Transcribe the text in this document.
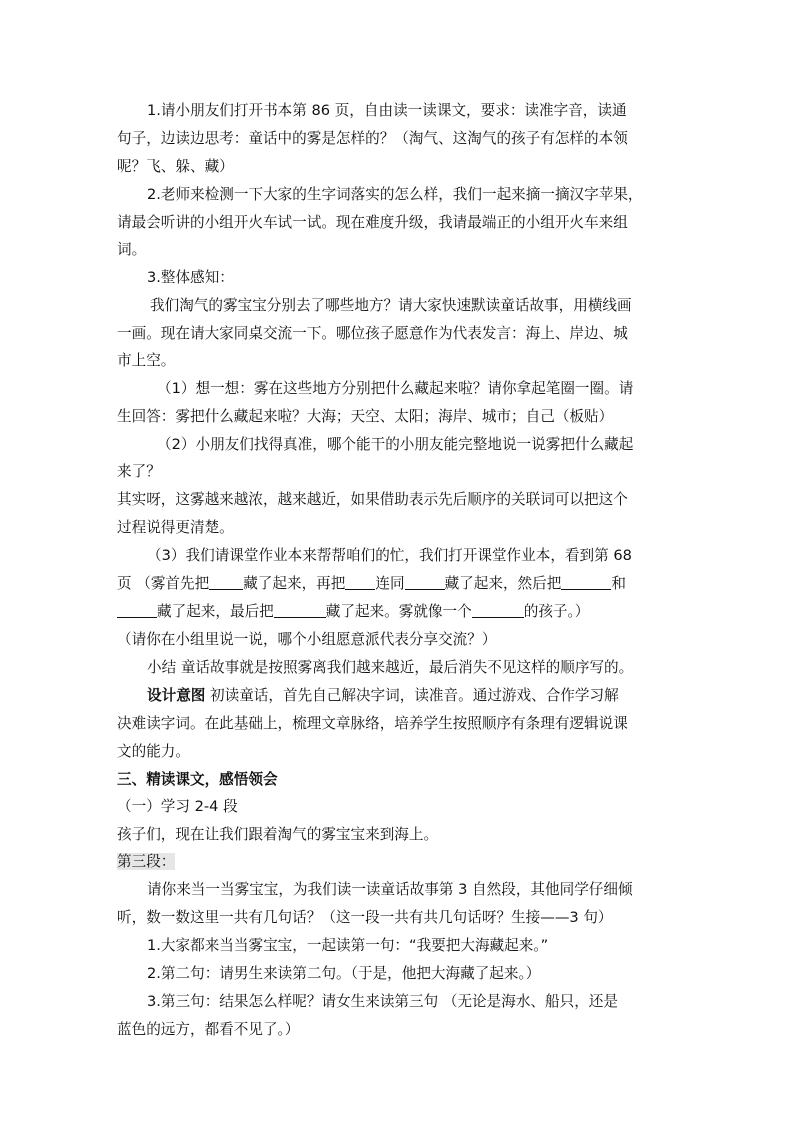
1.请小朋友们打开书本第 86 页，自由读一读课文，要求：读准字音，读通

句子，边读边思考：童话中的雾是怎样的？（淘气、这淘气的孩子有怎样的本领

呢？飞、躲、藏）

2.老师来检测一下大家的生字词落实的怎么样，我们一起来摘一摘汉字苹果，

请最会听讲的小组开火车试一试。现在难度升级，我请最端正的小组开火车来组

词。

3.整体感知：

我们淘气的雾宝宝分别去了哪些地方？请大家快速默读童话故事，用横线画

一画。现在请大家同桌交流一下。哪位孩子愿意作为代表发言：海上、岸边、城

市上空。

（1）想一想：雾在这些地方分别把什么藏起来啦？请你拿起笔圈一圈。请

生回答：雾把什么藏起来啦？大海；天空、太阳；海岸、城市；自己（板贴）

（2）小朋友们找得真准，哪个能干的小朋友能完整地说一说雾把什么藏起

来了？

其实呀，这雾越来越浓，越来越近，如果借助表示先后顺序的关联词可以把这个

过程说得更清楚。

（3）我们请课堂作业本来帮帮咱们的忙，我们打开课堂作业本，看到第 68

页 （雾首先把 藏了起来，再把 连同	藏了起来，然后把	和

藏了起来，最后把	藏了起来。雾就像一个	的孩子。）

（请你在小组里说一说，哪个小组愿意派代表分享交流？）

小结 童话故事就是按照雾离我们越来越近，最后消失不见这样的顺序写的。

设计意图 初读童话，首先自己解决字词，读准音。通过游戏、合作学习解

决难读字词。在此基础上，梳理文章脉络，培养学生按照顺序有条理有逻辑说课

文的能力。

三、精读课文，感悟领会

（一）学习 2-4 段

孩子们，现在让我们跟着淘气的雾宝宝来到海上。

第三段：

请你来当一当雾宝宝，为我们读一读童话故事第 3 自然段，其他同学仔细倾

听，数一数这里一共有几句话？（这一段一共有共几句话呀？生接——3 句）

1.大家都来当当雾宝宝，一起读第一句：“我要把大海藏起来。”

2.第二句：请男生来读第二句。（于是，他把大海藏了起来。）

3.第三句：结果怎么样呢？请女生来读第三句 （无论是海水、船只，还是

蓝色的远方，都看不见了。）
